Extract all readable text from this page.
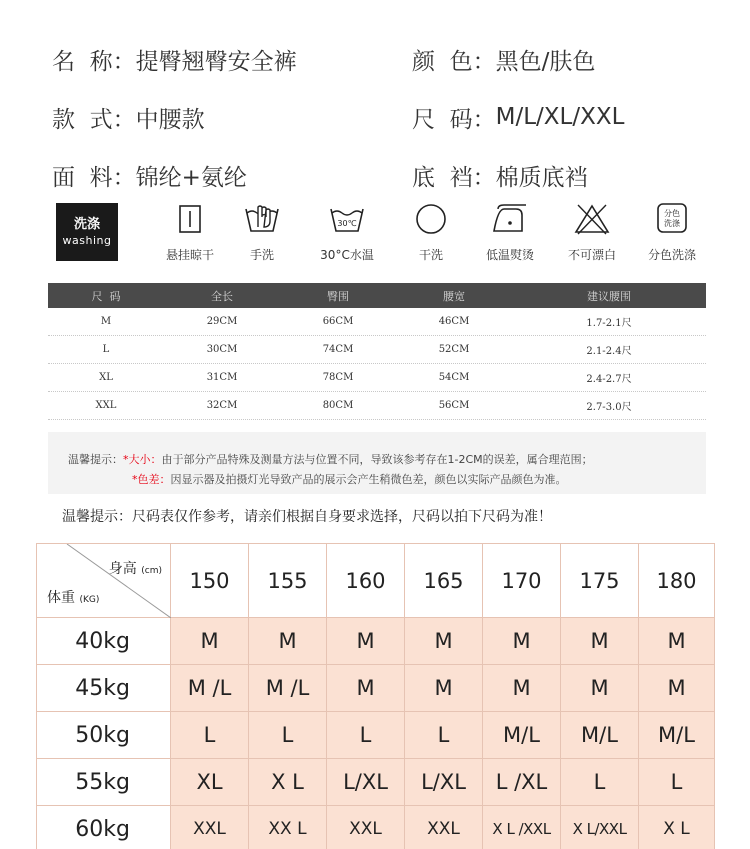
名  称： 提臀翘臀安全裤	颜  色： 黑色/肤色
款  式： 中腰款	尺  码： M/L/XL/XXL
面  料： 锦纶+氨纶	底  裆： 棉质底裆
洗涤
washing
悬挂晾干	手洗
30℃
30°C水温	干洗	低温熨烫	不可漂白
分色
洗涤
分色洗涤
尺  码	全长	臀围	腰宽	建议腰围
M	29CM	66CM	46CM	1.7-2.1尺
L	30CM	74CM	52CM	2.1-2.4尺
XL	31CM	78CM	54CM	2.4-2.7尺
XXL	32CM	80CM	56CM	2.7-3.0尺
温馨提示：*大小：由于部分产品特殊及测量方法与位置不同，导致该参考存在1-2CM的误差，属合理范围；
*色差：因显示器及拍摄灯光导致产品的展示会产生稍微色差，颜色以实际产品颜色为准。
温馨提示：尺码表仅作参考，请亲们根据自身要求选择，尺码以拍下尺码为准！
身高 (cm)
体重 (KG)	150	155	160	165	170	175	180
40kg	M	M	M	M	M	M	M
45kg	M /L	M /L	M	M	M	M	M
50kg	L	L	L	L	M/L	M/L	M/L
55kg	XL	X L	L/XL	L/XL	L /XL	L	L
60kg	XXL	XX L	XXL	XXL	X L /XXL	X L/XXL	X L
